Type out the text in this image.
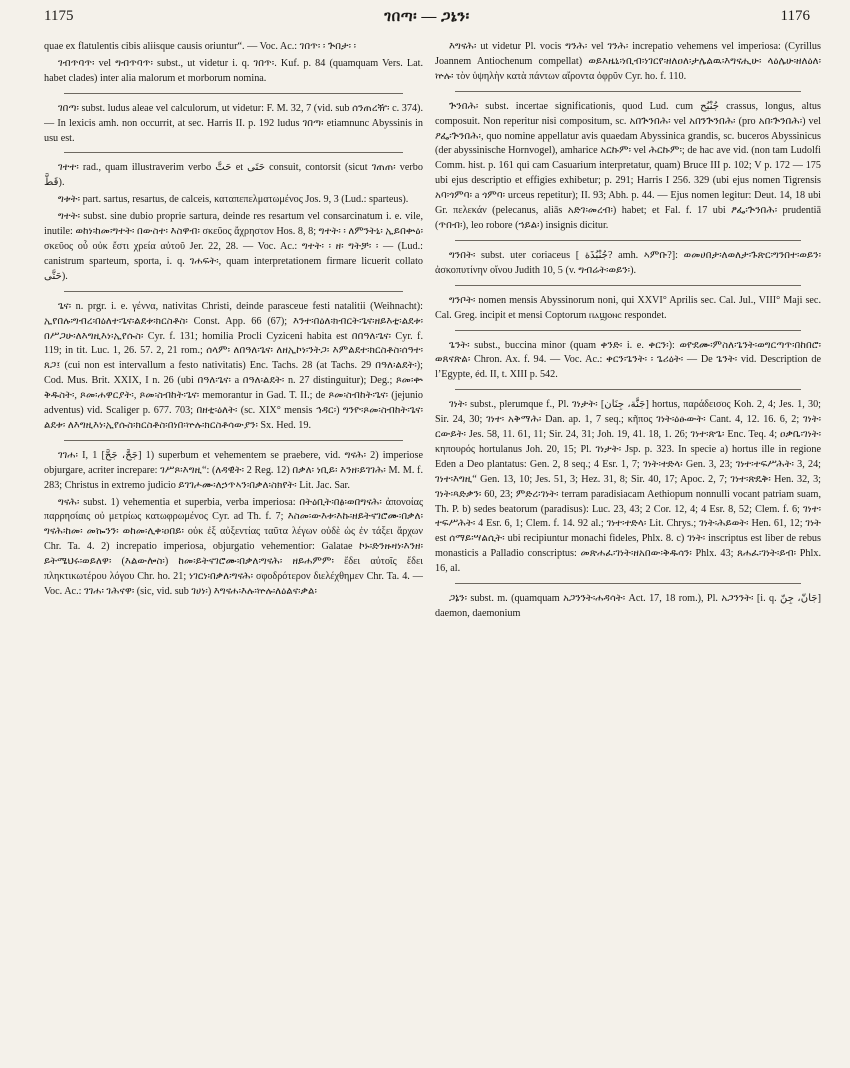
1175	ገበጣ፡ — ጋኔን፡	1176

quae ex flatulentis cibis aliisque causis oriuntur“. — Voc. Ac.: ገበጥ፡ ፡ ጕበታ፡ ፡

ገብጥባጥ፡ vel ግብጥባጥ፡ subst., ut videtur i. q. ገበጥ፡. Kuf. p. 84 (quamquam Vers. Lat. habet clades) inter alia malorum et morborum nomina.

ገበጣ፡ subst. ludus aleae vel calculorum, ut videtur: F. M. 32, 7 (vid. sub ሰንጠረዥ፡ c. 374). — In lexicis amh. non occurrit, at sec. Harris II. p. 192 ludus ገበጣ፡ etiamnunc Abyssinis in usu est.

ገተተ፡ rad., quam illustraverim verbo حَتَّ et حَتَى consuit, contorsit (sicut ገጠጠ፡ verbo قَطَّ).

ግቱት፡ part. sartus, resartus, de calceis, καταπεπελματωμένος Jos. 9, 3 (Lud.: sparteus).

ግተት፡ subst. sine dubio proprie sartura, deinde res resartum vel consarcinatum i. e. vile, inutile: ወከነ፡ከመ፡ግተት፡ በውስተ፡ እስዋብ፡ σκεῦος ἄχρηστον Hos. 8, 8; ግተት፡ ፡ ለምንትኒ፡ ኢይበቍዕ፡ σκεῦος οὗ οὐκ ἔστι χρεία αὐτοῦ Jer. 22, 28. — Voc. Ac.: ግተት፡ ፡ ዘ፡ ግትቻ፡ ፡ — (Lud.: canistrum sparteum, sporta, i. q. ገሐፍት፡, quam interpretationem firmare licuerit collato حَتَّى).

ጌና፡ n. prgr. i. e. γέννα, nativitas Christi, deinde parasceue festi natalitii (Weihnacht): ኢየበሉ፡ግብረ፡በዕለተ፡ጌና፡ልደቱ፡ክርስቶስ፡ Const. App. 66 (67); እንተ፡በዕለ፡ክብርት፡ጌና፡ዘይእቲ፡ልደቱ፡በሥጋሁ፡ለእግዚእነ፡ኢየሱስ፡ Cyr. f. 131; homilia Procli Cyziceni habita est በበዓለ፡ጌና፡ Cyr. f. 119; in tit. Luc. 1, 26. 57. 2, 21 rom.; ሰላም፡ ለበዓለ፡ጌና፡ ለዘኢኮነ፡ንትጋ፡ እምልደተ፡ክርስቶስ፡ሰዓተ፡ጸጋ፤ (cui non est intervallum a festo nativitatis) Enc. Tachs. 28 (at Tachs. 29 በዓለ፡ልደት፡); Cod. Mus. Brit. XXIX, I n. 26 (ubi በዓለ፡ጌና፡ a በዓለ፡ልደት፡ n. 27 distinguitur); Deg.; ጾመ፡ቍ ቅዱስት፡, ጾመ፡ሐዋርያት፡, ጾመ፡ስብከት፡ጌና፡ memorantur in Gad. T. II.; de ጾመ፡ስብከት፡ጌና፡ (jejunio adventus) vid. Scaliger p. 677. 703; በዘቲ፡ዕለት፡ (sc. XIX° mensis ኅዳር፡) ግንዮ፡ጾመ፡ስብከት፡ጌና፡ ልደቱ፡ ለእግዚእነ፡ኢየሱስ፡ክርስቶስ፡በነበ፡ኵሉ፡ክርስቶሳውያን፡ Sx. Hed. 19.

ገገሐ፡ I, 1 [جَحَّ، جَحَّ] 1) superbum et vehementem se praebere, vid. ግናሕ፡ 2) imperiose objurgare, acriter increpare: ገሥጾ፡እግዚ“: (ለዳዊት፡ 2 Reg. 12) በቃለ፡ ነቢይ፡ እንዘ፡ይገገሕ፡ M. M. f. 283; Christus in extremo judicio ይገገሖሙ፡ለኃጥኣን፡በቃለ፡ስክየት፡ Lit. Jac. Sar.

ግናሕ፡ subst. 1) vehementia et superbia, verba imperiosa: በትዕቢት፡በፅ፡ወበግናሕ፡ ἀπονοίας παρρησίαις οὐ μετρίως κατωφρωμένος Cyr. ad Th. f. 7; እስመ፡ውእቱ፡እኩ፡ዘይትናገሮሙ፡በቃለ፡ግናሕ፡ከመ፡ መኰንን፡ ወከመ፡ሊቀ፡ዐበይ፡ οὐκ ἐξ αὐξεντίας ταῦτα λέγων οὐδὲ ὡς ἐν τάξει ἄρχων Chr. Ta. 4. 2) increpatio imperiosa, objurgatio vehementior: Galatae ኮኑ፡ድንዙዛነ፡እንዘ፡ይትሜህሩ፡ወይለዋ፡ (እልውሎስ፡) ከመ፡ይትናገሮሙ፡በቃለ፡ግናሕ፡ ዘይሐምም፡ ἔδει αὐτοῖς ἔδει πληκτικωτέρου λόγου Chr. ho. 21; ነገርነ፡በቃለ፡ግናሕ፡ σφοδρότερον διελέχθημεν Chr. Ta. 4. — Voc. Ac.: ገገሐ፡ ገሕናዋ፡ (sic, vid. sub ገሀነ፡) እግናሐ፡እሉ፡ኵሉ፡ለዕልና፡ቃል፡

እግናሕ፡ ut videtur Pl. vocis ግንሕ፡ vel ገንሕ፡ increpatio vehemens vel imperiosa: (Cyrillus Joannem Antiochenum compellat) ወይእዜኒ፡ነቢብ፡ነገርየ፡ዘለዐለ፡ታሌልዉ፡እግናሒሁ፡ ላዕሌሁ፡ዘለዕለ፡ኵሉ፡ τὸν ὑψηλὴν κατὰ πάντων αἴροντα ὀφρῦν Cyr. ho. f. 110.

ጕንበሕ፡ subst. incertae significationis, quod Lud. cum جُنْبُح crassus, longus, altus composuit. Non reperitur nisi compositum, sc. አበጕንበሕ፡ vel አበንጕንበሕ፡ (pro አበ፡ጕንበሕ፡) vel ዖፌ፡ጕንበሕ፡, quo nomine appellatur avis quaedam Abyssinica grandis, sc. buceros Abyssinicus (der abyssinische Hornvogel), amharice አርኩም፡ vel ሕርኩም፡; de hac ave vid. (non tam Ludolfi Comm. hist. p. 161 qui cam Casuarium interpretatur, quam) Bruce III p. 102; V p. 172 — 175 ubi ejus descriptio et effigies exhibetur; p. 291; Harris I 256. 329 (ubi ejus nomen Tigrensis አባ፡ጎምባ፡ a ጎምባ፡ urceus repetitur); II. 93; Abh. p. 44. — Ejus nomen legitur: Deut. 14, 18 ubi Gr. πελεκάν (pelecanus, aliās አድገ፡መረብ፡) habet; et Fal. f. 17 ubi ፆፌ፡ጕንበሕ፡ prudentiā (ጥበብ፡), leo robore (ኀይል፡) insignis dicitur.

ግንበት፡ subst. uter coriaceus [ جُنْبُذَة? amh. ኣምቡ?]: ወመሀበታ፡ለወለታ፡ጉጽር፡ግንበተ፡ወይን፡ ἀσκοπυτίνην οἴνου Judith 10, 5 (v. ግብሬት፡ወይን፡).

ግንቦት፡ nomen mensis Abyssinorum noni, qui XXVI° Aprilis sec. Cal. Jul., VIII° Maji sec. Cal. Greg. incipit et mensi Coptorum ⲡⲁϣⲟⲛⲥ respondet.

ጌንት፡ subst., buccina minor (quam ቀንድ፡ i. e. ቀርን፡): ወዮደሙ፡ምስለ፡ጌንት፡ወግርጣጥ፡በከበሮ፡ወጸናጽል፡ Chron. Ax. f. 94. — Voc. Ac.: ቀርን፡ጌንት፡ ፡ ጌሪዕት፡ — De ጌንት፡ vid. Description de l’Egypte, éd. II, t. XIII p. 542.

ገነት፡ subst., plerumque f., Pl. ገነታት፡ [جَنَّة، جِنَان] hortus, παράδεισος Koh. 2, 4; Jes. 1, 30; Sir. 24, 30; ገነተ፡ አቅማሕ፡ Dan. ap. 1, 7 seq.; κῆπος ገነት፡ዕፁውት፡ Cant. 4, 12. 16. 6, 2; ገነት፡ርውይት፡ Jes. 58, 11. 61, 11; Sir. 24, 31; Joh. 19, 41. 18, 1. 26; ገነተ፡ጽጌ፡ Enc. Teq. 4; ዐቃቤ፡ገነት፡ κηπουρός hortulanus Joh. 20, 15; Pl. ገነታት፡ Jsp. p. 323. In specie a) hortus ille in regione Eden a Deo plantatus: Gen. 2, 8 seq.; 4 Esr. 1, 7; ገነት፡ተድላ፡ Gen. 3, 23; ገነተ፡ተፍሥሕት፡ 3, 24; ገነተ፡እግዚ“ Gen. 13, 10; Jes. 51, 3; Hez. 31, 8; Sir. 40, 17; Apoc. 2, 7; ገነተ፡ጽዴቅ፡ Hen. 32, 3; ገነት፡ጻድቃን፡ 60, 23; ምድረ፡ገነት፡ terram paradisiacam Aethiopum nonnulli vocant patriam suam, Th. P. b) sedes beatorum (paradisus): Luc. 23, 43; 2 Cor. 12, 4; 4 Esr. 8, 52; Clem. f. 6; ገነተ፡ተፍሥሕት፡ 4 Esr. 6, 1; Clem. f. 14. 92 al.; ገነተ፡ተድላ፡ Lit. Chrys.; ገነት፡ሕይወት፡ Hen. 61, 12; ገነት est ሰማይ፡ሣልሲት፡ ubi recipiuntur monachi fideles, Phlx. 8. c) ገነት፡ inscriptus est liber de rebus monasticis a Palladio conscriptus: መጽሐፈ፡ገነት፡ዘአበው፡ቅዱሳን፡ Phlx. 43; ጸሐፈ፡ገነት፡ይብ፡ Phlx. 16, al.

ጋኔን፡ subst. m. (quamquam አጋንንት፡ሐዳሳት፡ Act. 17, 18 rom.), Pl. አጋንንት፡ [i. q. جَانّ، جِنّ] daemon, daemonium
